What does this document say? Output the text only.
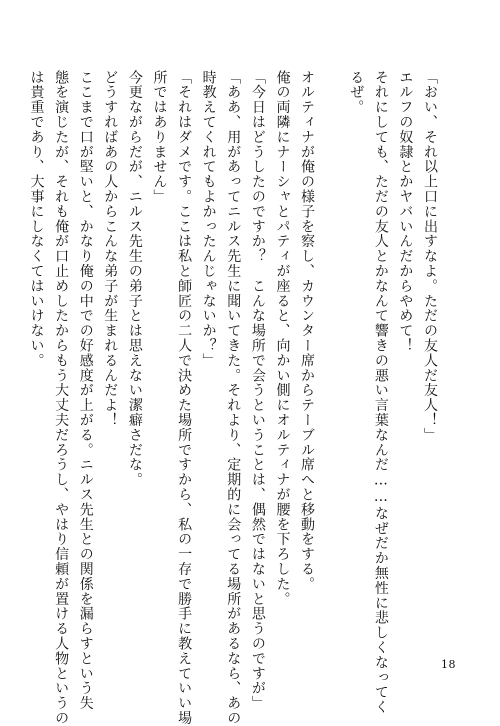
「おい、それ以上口に出すなよ。ただの友人だ友人！」
エルフの奴隷とかヤバいんだからやめて！
それにしても、ただの友人とかなんて響きの悪い言葉なんだ……なぜだか無性に悲しくなってく
るぜ。
オルティナが俺の様子を察し、カウンター席からテーブル席へと移動をする。
俺の両隣にナーシャとパティが座ると、向かい側にオルティナが腰を下ろした。
「今日はどうしたのですか？　こんな場所で会うということは、偶然ではないと思うのですが」
「ああ、用があってニルス先生に聞いてきた。それより、定期的に会ってる場所があるなら、あの
時教えてくれてもよかったんじゃないか？」
「それはダメです。ここは私と師匠の二人で決めた場所ですから、私の一存で勝手に教えていい場
所ではありません」
今更ながらだが、ニルス先生の弟子とは思えない潔癖さだな。
どうすればあの人からこんな弟子が生まれるんだよ！
ここまで口が堅いと、かなり俺の中での好感度が上がる。ニルス先生との関係を漏らすという失
態を演じたが、それも俺が口止めしたからもう大丈夫だろうし、やはり信頼が置ける人物というの
は貴重であり、大事にしなくてはいけない。
18
